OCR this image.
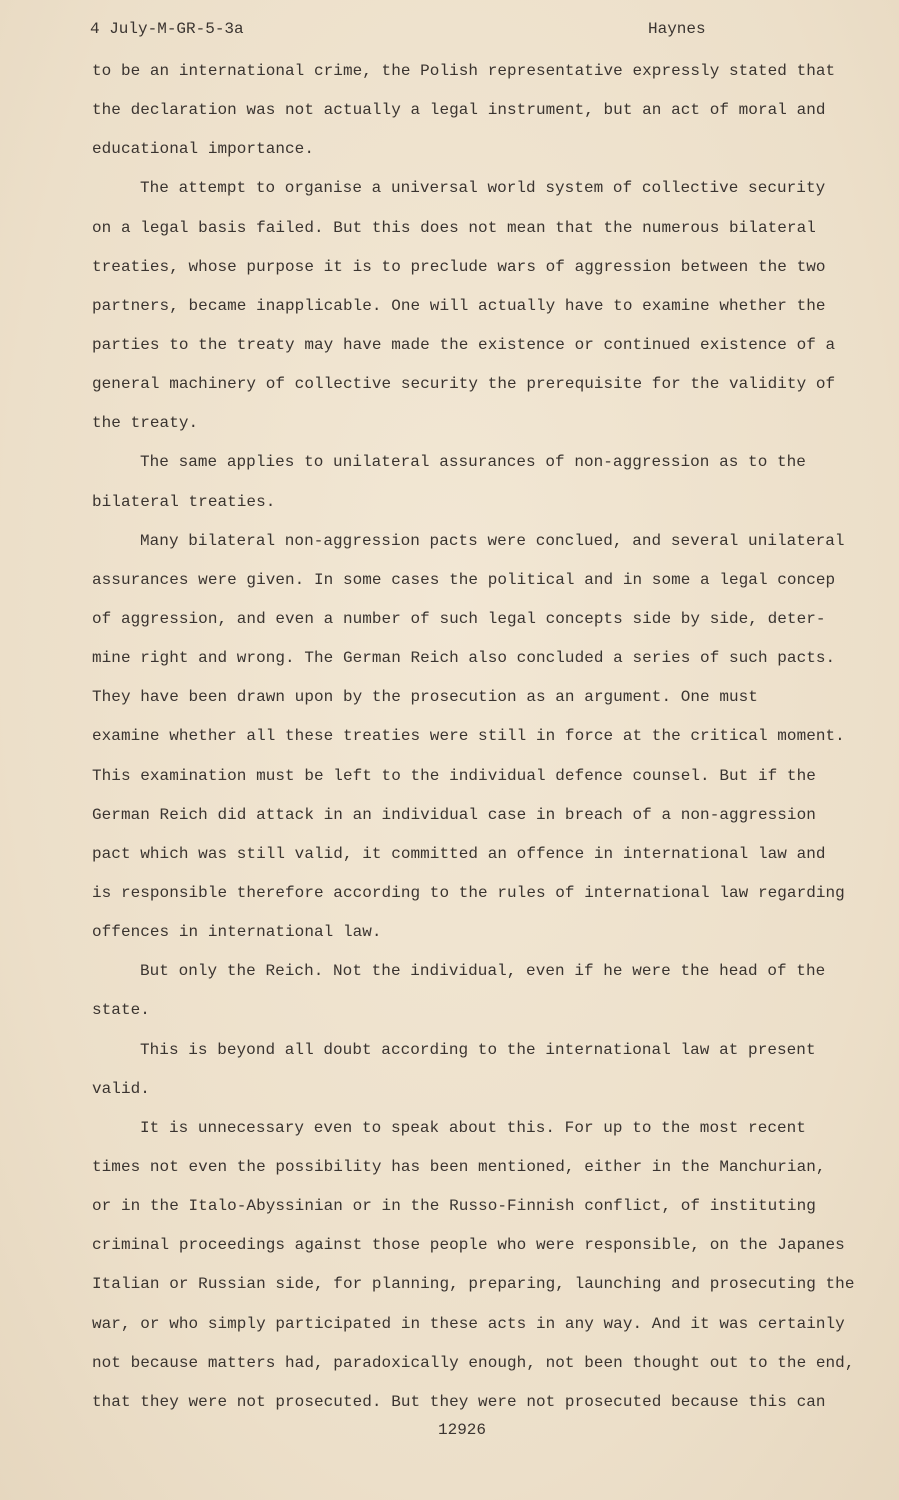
4 July-M-GR-5-3a	Haynes
to be an international crime, the Polish representative expressly stated that
the declaration was not actually a legal instrument, but an act of moral and
educational importance.
The attempt to organise a universal world system of collective security
on a legal basis failed. But this does not mean that the numerous bilateral
treaties, whose purpose it is to preclude wars of aggression between the two
partners, became inapplicable. One will actually have to examine whether the
parties to the treaty may have made the existence or continued existence of a
general machinery of collective security the prerequisite for the validity of
the treaty.
The same applies to unilateral assurances of non-aggression as to the
bilateral treaties.
Many bilateral non-aggression pacts were conclued, and several unilateral
assurances were given. In some cases the political and in some a legal concep
of aggression, and even a number of such legal concepts side by side, deter-
mine right and wrong. The German Reich also concluded a series of such pacts.
They have been drawn upon by the prosecution as an argument. One must
examine whether all these treaties were still in force at the critical moment.
This examination must be left to the individual defence counsel. But if the
German Reich did attack in an individual case in breach of a non-aggression
pact which was still valid, it committed an offence in international law and
is responsible therefore according to the rules of international law regarding
offences in international law.
But only the Reich. Not the individual, even if he were the head of the
state.
This is beyond all doubt according to the international law at present
valid.
It is unnecessary even to speak about this. For up to the most recent
times not even the possibility has been mentioned, either in the Manchurian,
or in the Italo-Abyssinian or in the Russo-Finnish conflict, of instituting
criminal proceedings against those people who were responsible, on the Japanes
Italian or Russian side, for planning, preparing, launching and prosecuting the
war, or who simply participated in these acts in any way. And it was certainly
not because matters had, paradoxically enough, not been thought out to the end,
that they were not prosecuted. But they were not prosecuted because this can
12926
